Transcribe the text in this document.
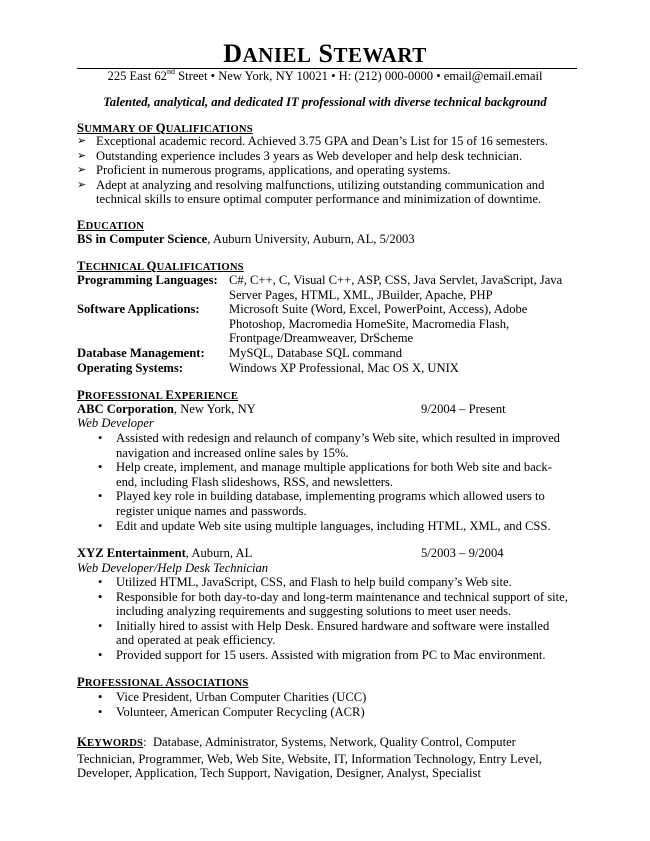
DANIEL STEWART
225 East 62nd Street • New York, NY 10021 • H: (212) 000-0000 • email@email.email
Talented, analytical, and dedicated IT professional with diverse technical background
SUMMARY OF QUALIFICATIONS
➢ Exceptional academic record. Achieved 3.75 GPA and Dean’s List for 15 of 16 semesters.
➢ Outstanding experience includes 3 years as Web developer and help desk technician.
➢ Proficient in numerous programs, applications, and operating systems.
➢ Adept at analyzing and resolving malfunctions, utilizing outstanding communication and
technical skills to ensure optimal computer performance and minimization of downtime.
EDUCATION
BS in Computer Science, Auburn University, Auburn, AL, 5/2003
TECHNICAL QUALIFICATIONS
Programming Languages: C#, C++, C, Visual C++, ASP, CSS, Java Servlet, JavaScript, Java
Server Pages, HTML, XML, JBuilder, Apache, PHP
Software Applications: Microsoft Suite (Word, Excel, PowerPoint, Access), Adobe
Photoshop, Macromedia HomeSite, Macromedia Flash,
Frontpage/Dreamweaver, DrScheme
Database Management: MySQL, Database SQL command
Operating Systems:	Windows XP Professional, Mac OS X, UNIX
PROFESSIONAL EXPERIENCE
ABC Corporation, New York, NY	9/2004 – Present
Web Developer
• Assisted with redesign and relaunch of company’s Web site, which resulted in improved
navigation and increased online sales by 15%.
• Help create, implement, and manage multiple applications for both Web site and back-
end, including Flash slideshows, RSS, and newsletters.
• Played key role in building database, implementing programs which allowed users to
register unique names and passwords.
• Edit and update Web site using multiple languages, including HTML, XML, and CSS.
XYZ Entertainment, Auburn, AL	5/2003 – 9/2004
Web Developer/Help Desk Technician
• Utilized HTML, JavaScript, CSS, and Flash to help build company’s Web site.
• Responsible for both day-to-day and long-term maintenance and technical support of site,
including analyzing requirements and suggesting solutions to meet user needs.
• Initially hired to assist with Help Desk. Ensured hardware and software were installed
and operated at peak efficiency.
• Provided support for 15 users. Assisted with migration from PC to Mac environment.
PROFESSIONAL ASSOCIATIONS
• Vice President, Urban Computer Charities (UCC)
• Volunteer, American Computer Recycling (ACR)
KEYWORDS:  Database, Administrator, Systems, Network, Quality Control, Computer
Technician, Programmer, Web, Web Site, Website, IT, Information Technology, Entry Level,
Developer, Application, Tech Support, Navigation, Designer, Analyst, Specialist
